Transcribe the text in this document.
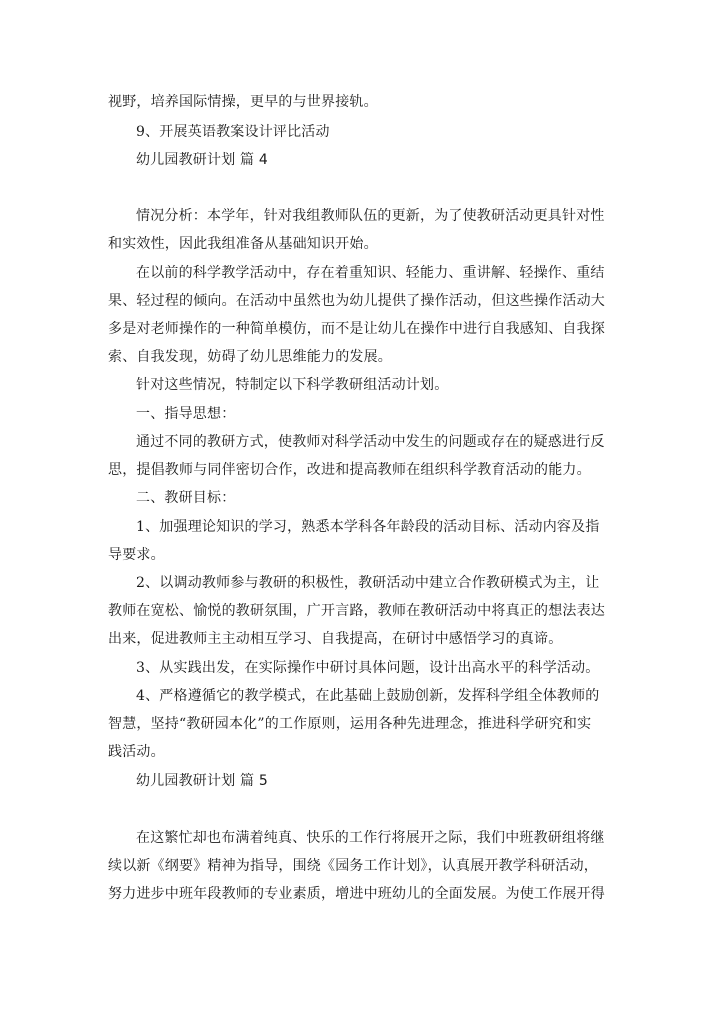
视野，培养国际情操，更早的与世界接轨。
9、开展英语教案设计评比活动
幼儿园教研计划 篇 4
情况分析：本学年，针对我组教师队伍的更新，为了使教研活动更具针对性
和实效性，因此我组准备从基础知识开始。
在以前的科学教学活动中，存在着重知识、轻能力、重讲解、轻操作、重结
果、轻过程的倾向。在活动中虽然也为幼儿提供了操作活动，但这些操作活动大
多是对老师操作的一种简单模仿，而不是让幼儿在操作中进行自我感知、自我探
索、自我发现，妨碍了幼儿思维能力的发展。
针对这些情况，特制定以下科学教研组活动计划。
一、指导思想：
通过不同的教研方式，使教师对科学活动中发生的问题或存在的疑惑进行反
思，提倡教师与同伴密切合作，改进和提高教师在组织科学教育活动的能力。
二、教研目标：
1、加强理论知识的学习，熟悉本学科各年龄段的活动目标、活动内容及指
导要求。
2、以调动教师参与教研的积极性，教研活动中建立合作教研模式为主，让
教师在宽松、愉悦的教研氛围，广开言路，教师在教研活动中将真正的想法表达
出来，促进教师主主动相互学习、自我提高，在研讨中感悟学习的真谛。
3、从实践出发，在实际操作中研讨具体问题，设计出高水平的科学活动。
4、严格遵循它的教学模式，在此基础上鼓励创新，发挥科学组全体教师的
智慧，坚持“教研园本化”的工作原则，运用各种先进理念，推进科学研究和实
践活动。
幼儿园教研计划 篇 5
在这繁忙却也布满着纯真、快乐的工作行将展开之际，我们中班教研组将继
续以新《纲要》精神为指导，围绕《园务工作计划》，认真展开教学科研活动，
努力进步中班年段教师的专业素质，增进中班幼儿的全面发展。为使工作展开得
